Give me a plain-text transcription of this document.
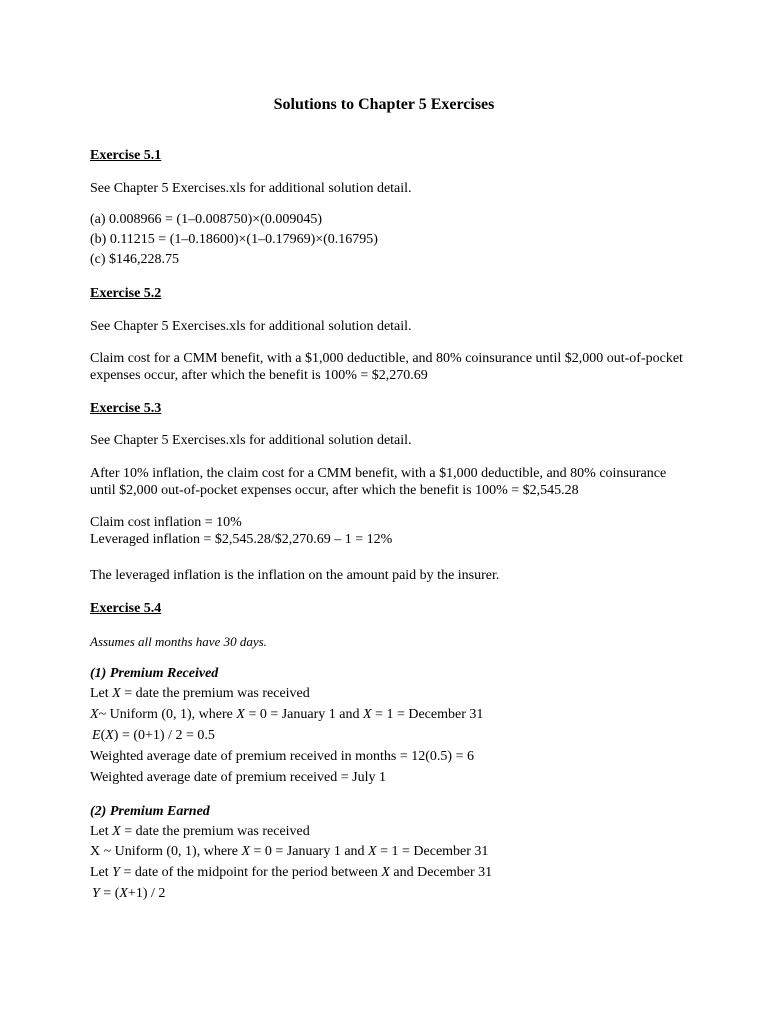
Solutions to Chapter 5 Exercises
Exercise 5.1
See Chapter 5 Exercises.xls for additional solution detail.
(a) 0.008966 = (1–0.008750)×(0.009045)
(b) 0.11215 = (1–0.18600)×(1–0.17969)×(0.16795)
(c) $146,228.75
Exercise 5.2
See Chapter 5 Exercises.xls for additional solution detail.
Claim cost for a CMM benefit, with a $1,000 deductible, and 80% coinsurance until $2,000 out-of-pocket
expenses occur, after which the benefit is 100% = $2,270.69
Exercise 5.3
See Chapter 5 Exercises.xls for additional solution detail.
After 10% inflation, the claim cost for a CMM benefit, with a $1,000 deductible, and 80% coinsurance
until $2,000 out-of-pocket expenses occur, after which the benefit is 100% = $2,545.28
Claim cost inflation = 10%
Leveraged inflation = $2,545.28/$2,270.69 – 1 = 12%
The leveraged inflation is the inflation on the amount paid by the insurer.
Exercise 5.4
Assumes all months have 30 days.
(1) Premium Received
Let X = date the premium was received
X~ Uniform (0, 1), where X = 0 = January 1 and X = 1 = December 31
E(X) = (0+1) / 2 = 0.5
Weighted average date of premium received in months = 12(0.5) = 6
Weighted average date of premium received = July 1
(2) Premium Earned
Let X = date the premium was received
X ~ Uniform (0, 1), where X = 0 = January 1 and X = 1 = December 31
Let Y = date of the midpoint for the period between X and December 31
Y = (X+1) / 2
